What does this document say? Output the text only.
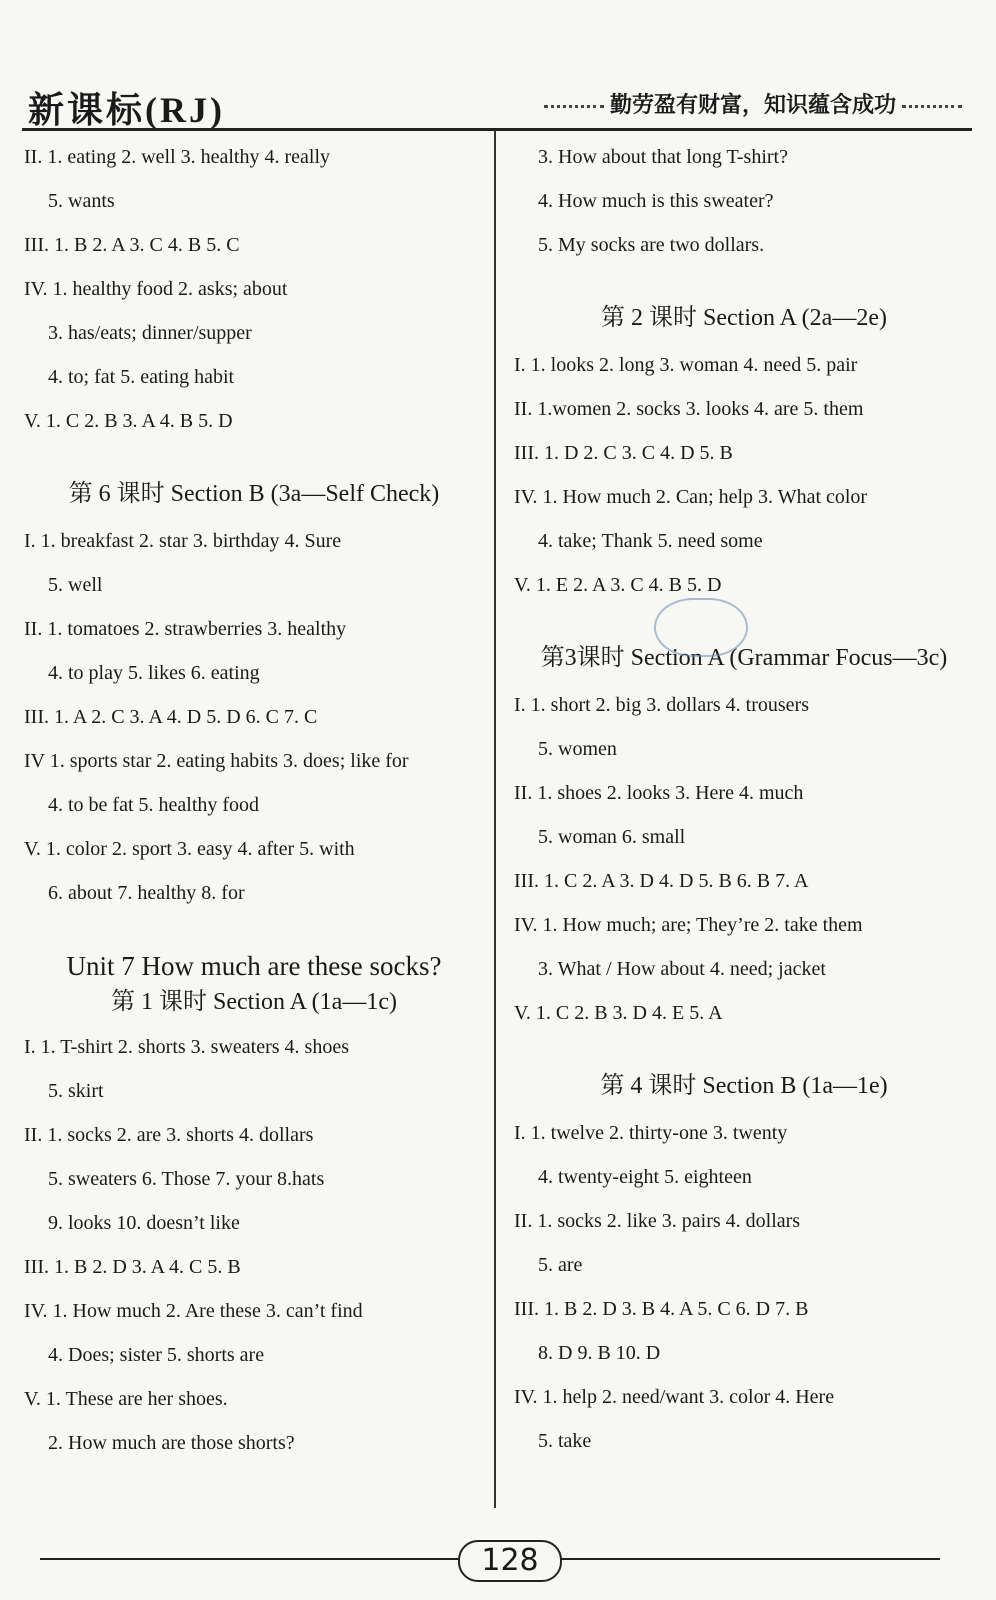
新课标(RJ)	勤劳盈有财富，知识蕴含成功
II. 1. eating 2. well 3. healthy 4. really
5. wants
III. 1. B 2. A 3. C 4. B 5. C
IV. 1. healthy food 2. asks; about
3. has/eats; dinner/supper
4. to; fat 5. eating habit
V. 1. C 2. B 3. A 4. B 5. D
第 6 课时 Section B (3a—Self Check)
I. 1. breakfast 2. star 3. birthday 4. Sure
5. well
II. 1. tomatoes 2. strawberries 3. healthy
4. to play 5. likes 6. eating
III. 1. A 2. C 3. A 4. D 5. D 6. C 7. C
IV 1. sports star 2. eating habits 3. does; like for
4. to be fat 5. healthy food
V. 1. color 2. sport 3. easy 4. after 5. with
6. about 7. healthy 8. for
Unit 7 How much are these socks?
第 1 课时 Section A (1a—1c)
I. 1. T-shirt 2. shorts 3. sweaters 4. shoes
5. skirt
II. 1. socks 2. are 3. shorts 4. dollars
5. sweaters 6. Those 7. your 8.hats
9. looks 10. doesn’t like
III. 1. B 2. D 3. A 4. C 5. B
IV. 1. How much 2. Are these 3. can’t find
4. Does; sister 5. shorts are
V. 1. These are her shoes.
2. How much are those shorts?
3. How about that long T-shirt?
4. How much is this sweater?
5. My socks are two dollars.
第 2 课时 Section A (2a—2e)
I. 1. looks 2. long 3. woman 4. need 5. pair
II. 1.women 2. socks 3. looks 4. are 5. them
III. 1. D 2. C 3. C 4. D 5. B
IV. 1. How much 2. Can; help 3. What color
4. take; Thank 5. need some
V. 1. E 2. A 3. C 4. B 5. D
第3课时 Section A (Grammar Focus—3c)
I. 1. short 2. big 3. dollars 4. trousers
5. women
II. 1. shoes 2. looks 3. Here 4. much
5. woman 6. small
III. 1. C 2. A 3. D 4. D 5. B 6. B 7. A
IV. 1. How much; are; They’re 2. take them
3. What / How about 4. need; jacket
V. 1. C 2. B 3. D 4. E 5. A
第 4 课时 Section B (1a—1e)
I. 1. twelve 2. thirty-one 3. twenty
4. twenty-eight 5. eighteen
II. 1. socks 2. like 3. pairs 4. dollars
5. are
III. 1. B 2. D 3. B 4. A 5. C 6. D 7. B
8. D 9. B 10. D
IV. 1. help 2. need/want 3. color 4. Here
5. take
128
